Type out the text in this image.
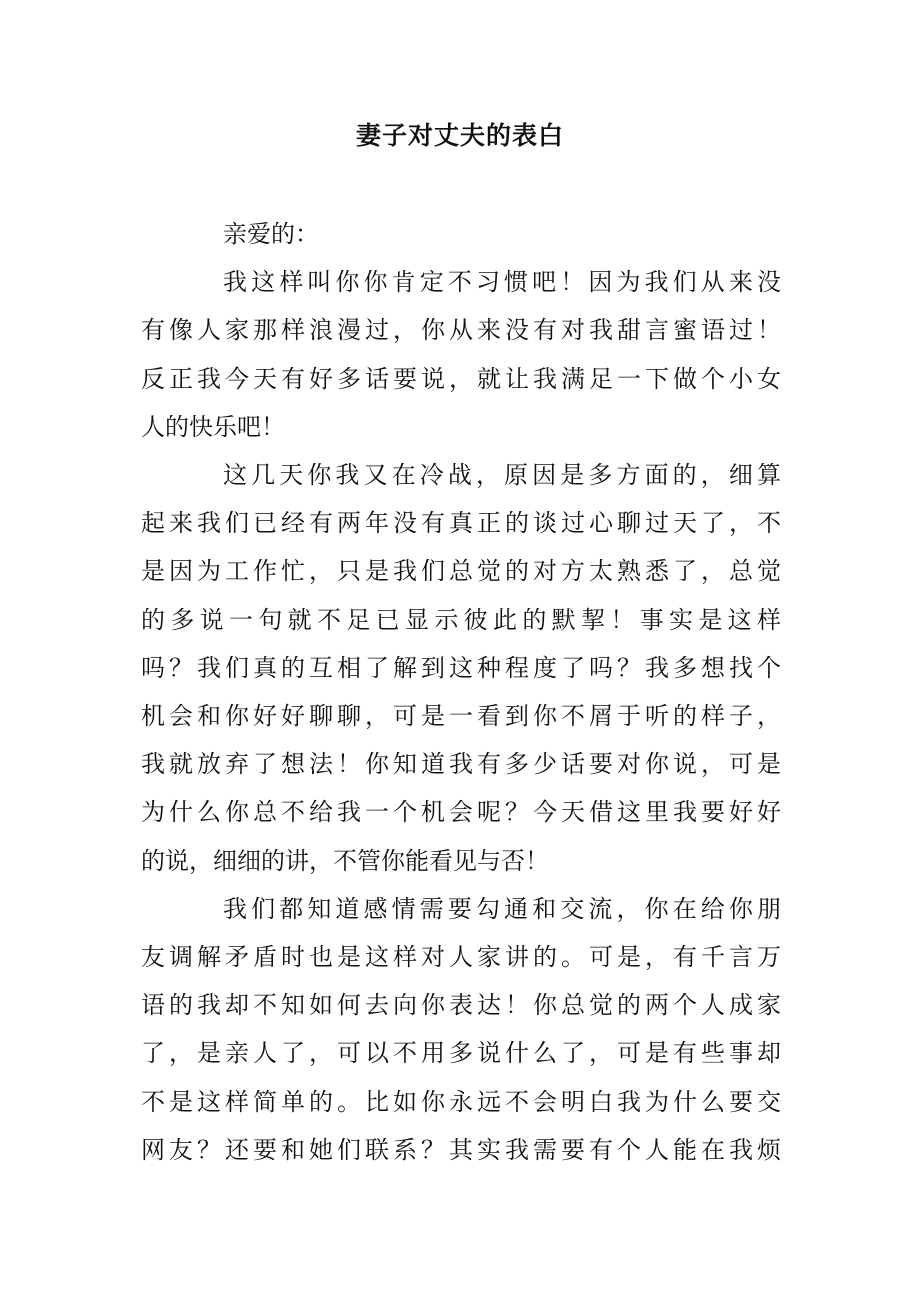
妻子对丈夫的表白
亲爱的：
我这样叫你你肯定不习惯吧！因为我们从来没
有像人家那样浪漫过，你从来没有对我甜言蜜语过！
反正我今天有好多话要说，就让我满足一下做个小女
人的快乐吧！
这几天你我又在冷战，原因是多方面的，细算
起来我们已经有两年没有真正的谈过心聊过天了，不
是因为工作忙，只是我们总觉的对方太熟悉了，总觉
的多说一句就不足已显示彼此的默挈！事实是这样
吗？我们真的互相了解到这种程度了吗？我多想找个
机会和你好好聊聊，可是一看到你不屑于听的样子，
我就放弃了想法！你知道我有多少话要对你说，可是
为什么你总不给我一个机会呢？今天借这里我要好好
的说，细细的讲，不管你能看见与否！
我们都知道感情需要勾通和交流，你在给你朋
友调解矛盾时也是这样对人家讲的。可是，有千言万
语的我却不知如何去向你表达！你总觉的两个人成家
了，是亲人了，可以不用多说什么了，可是有些事却
不是这样简单的。比如你永远不会明白我为什么要交
网友？还要和她们联系？其实我需要有个人能在我烦
